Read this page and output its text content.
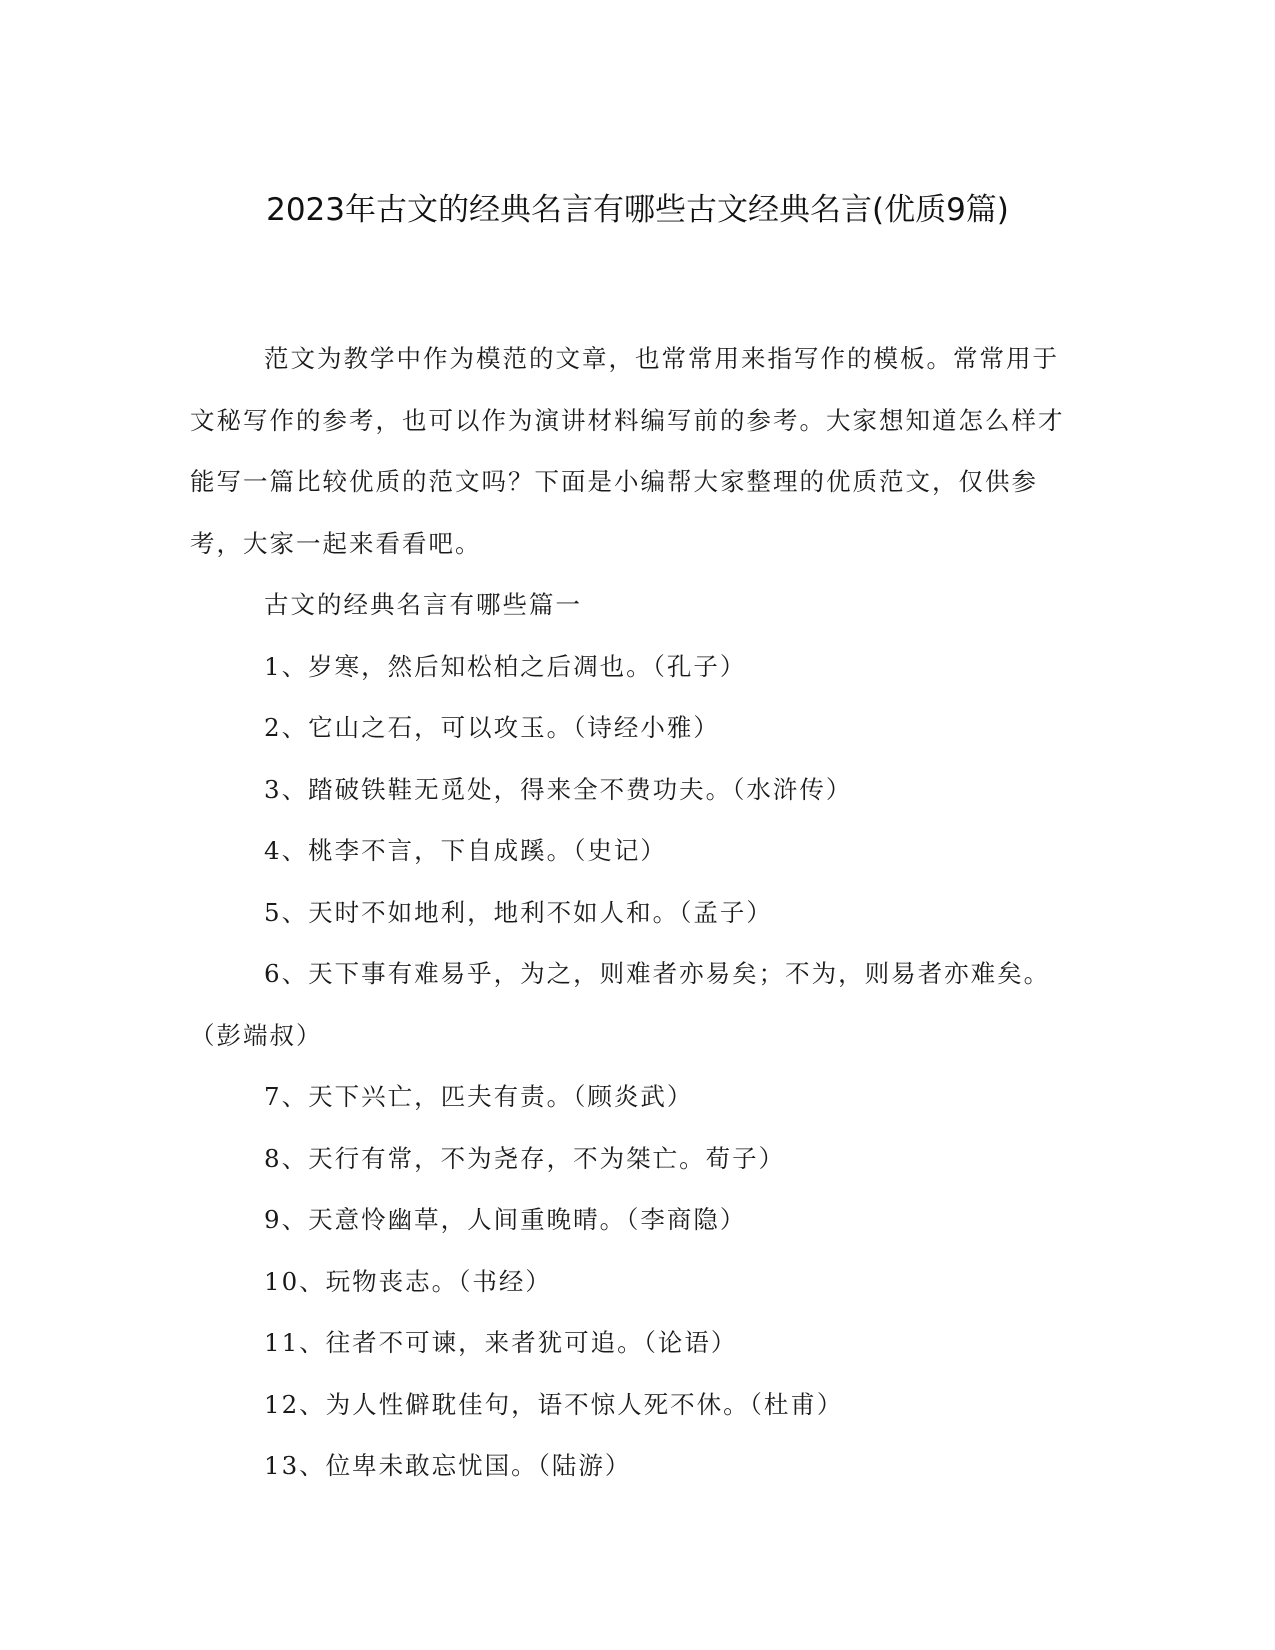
2023年古文的经典名言有哪些古文经典名言(优质9篇)

范文为教学中作为模范的文章，也常常用来指写作的模板。常常用于文秘写作的参考，也可以作为演讲材料编写前的参考。大家想知道怎么样才能写一篇比较优质的范文吗？下面是小编帮大家整理的优质范文，仅供参考，大家一起来看看吧。

古文的经典名言有哪些篇一

1、岁寒，然后知松柏之后凋也。（孔子）

2、它山之石，可以攻玉。（诗经小雅）

3、踏破铁鞋无觅处，得来全不费功夫。（水浒传）

4、桃李不言，下自成蹊。（史记）

5、天时不如地利，地利不如人和。（孟子）

6、天下事有难易乎，为之，则难者亦易矣；不为，则易者亦难矣。（彭端叔）

7、天下兴亡，匹夫有责。（顾炎武）

8、天行有常，不为尧存，不为桀亡。荀子）

9、天意怜幽草，人间重晚晴。（李商隐）

10、玩物丧志。（书经）

11、往者不可谏，来者犹可追。（论语）

12、为人性僻耽佳句，语不惊人死不休。（杜甫）

13、位卑未敢忘忧国。（陆游）
